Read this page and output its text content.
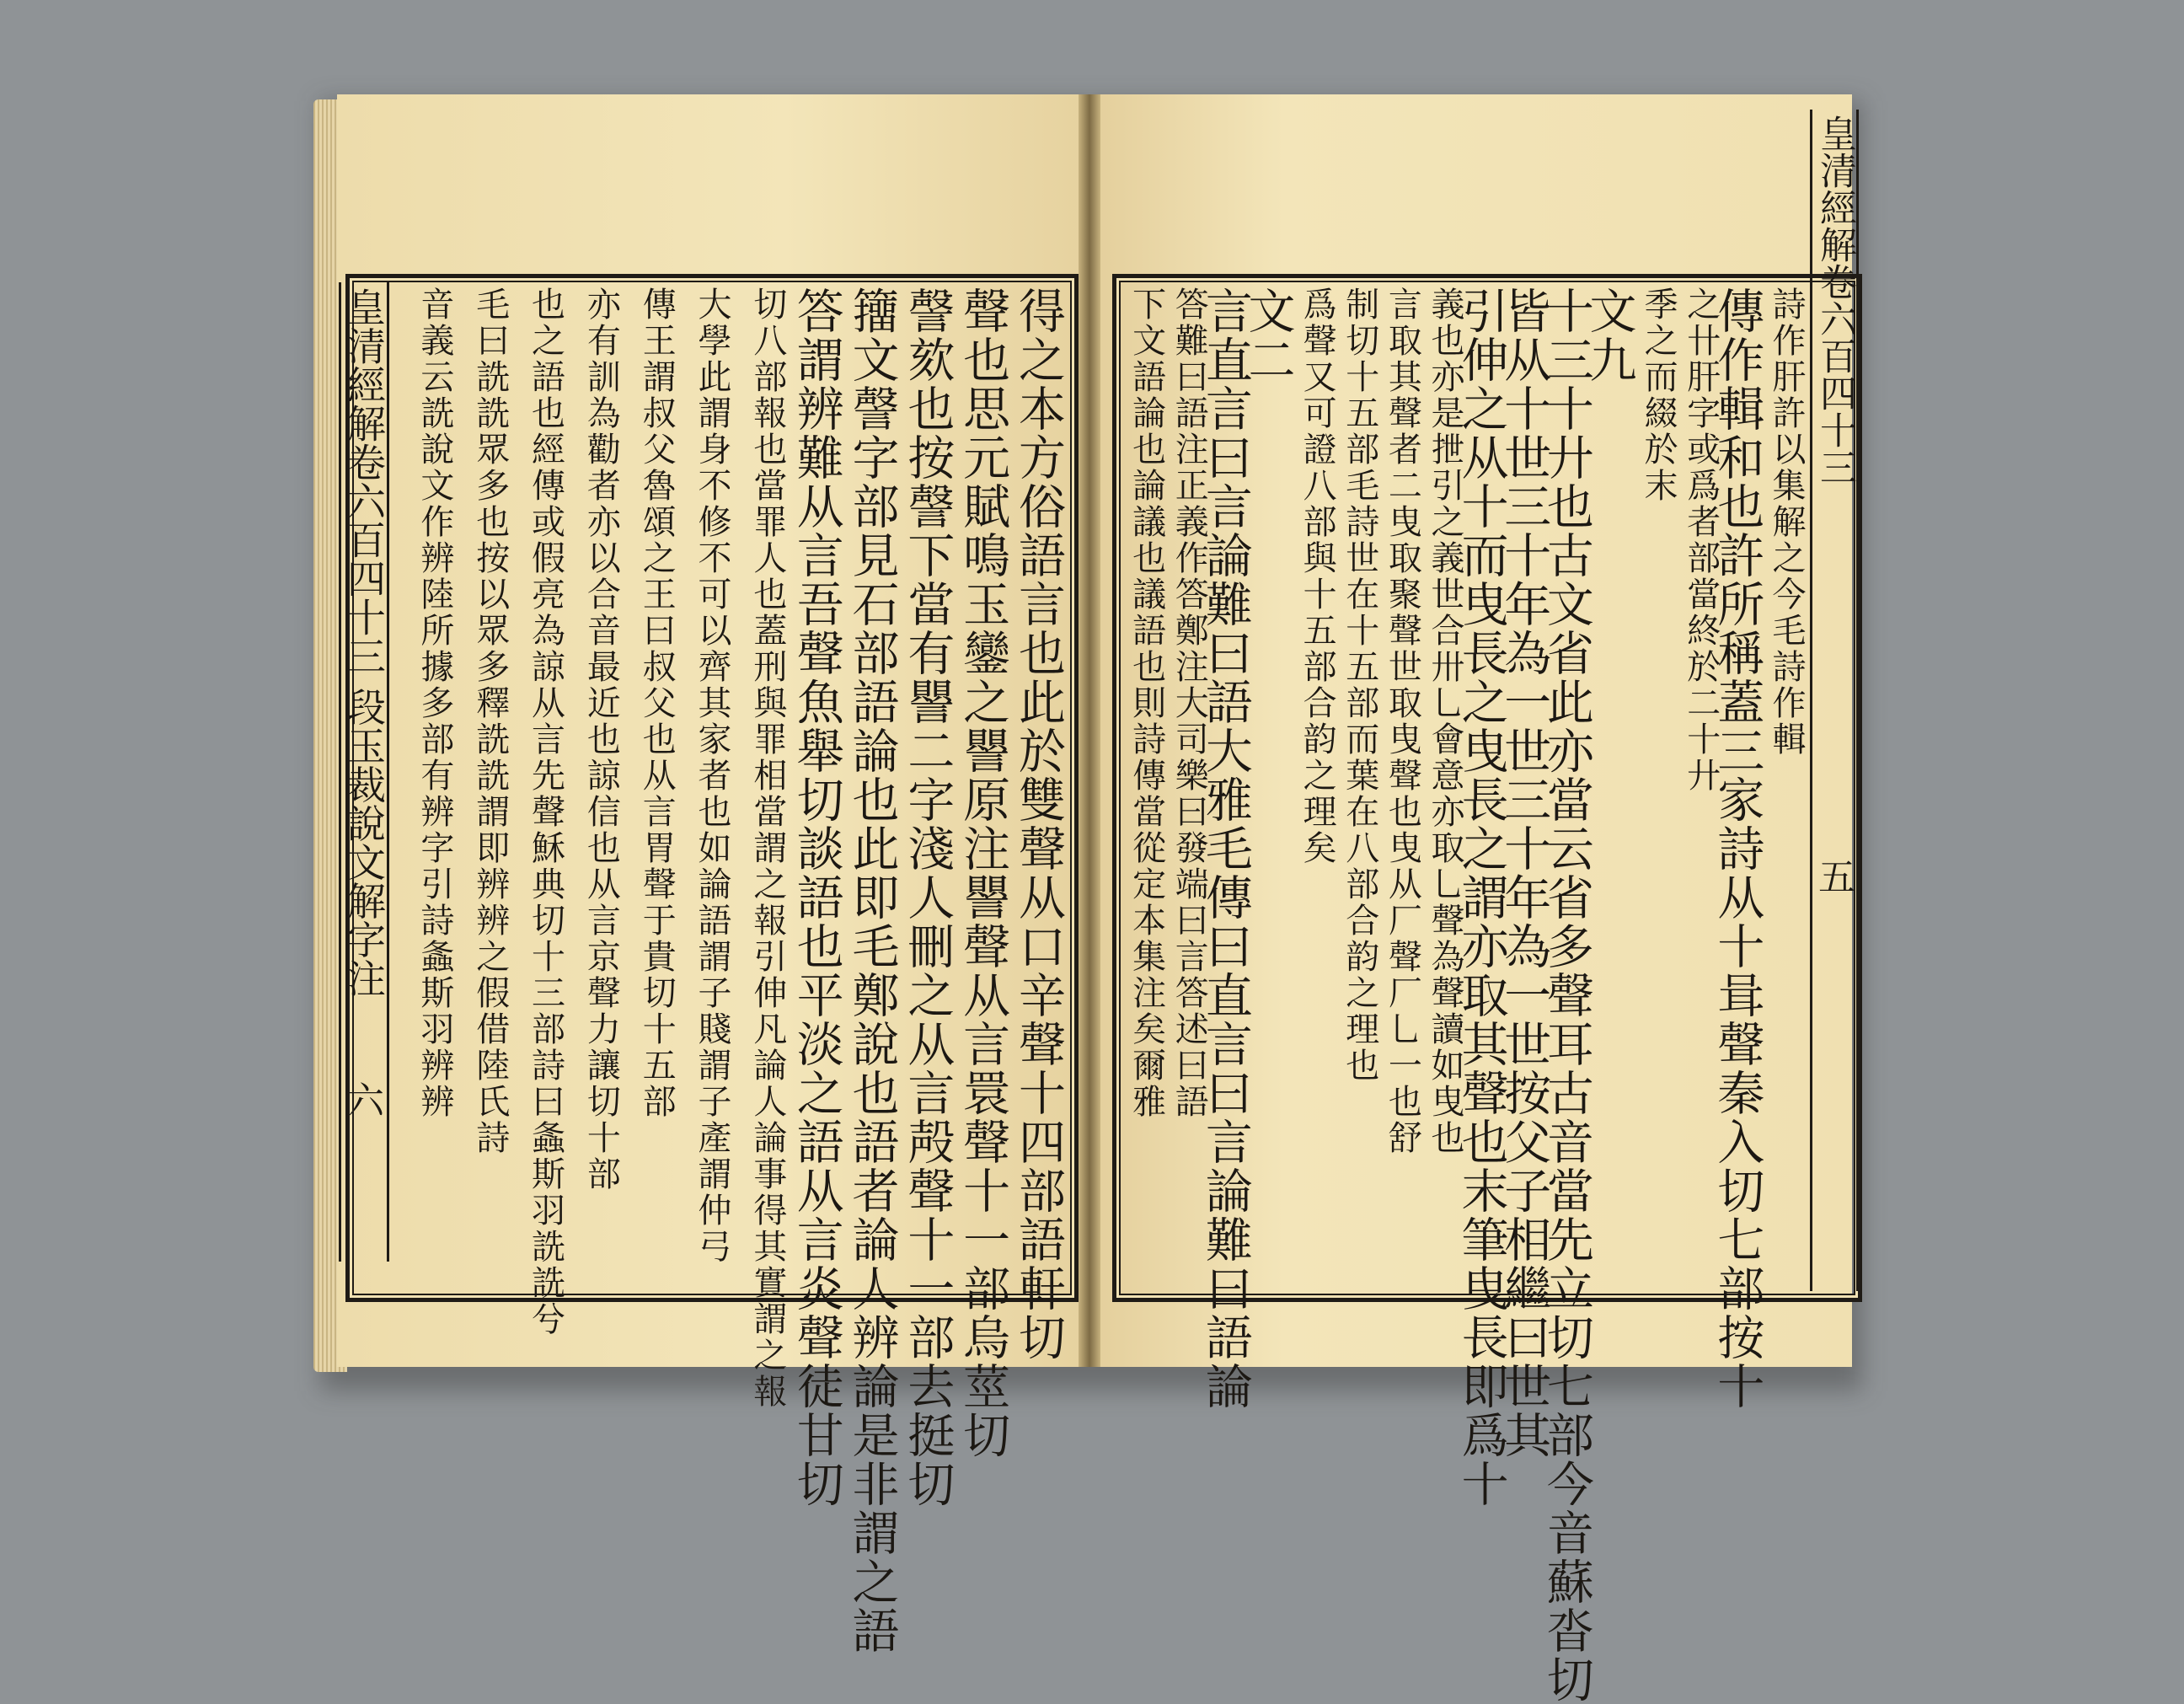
皇清經解卷六百四十三 段玉裁說文解字注
六	得之本方俗語言也此於雙聲从口辛聲十四部語軒切
聲也思元賦鳴玉鑾之譻原注譻聲从言睘聲十一部烏莖切
謦欬也按謦下當有譻二字淺人刪之从言殸聲十一部去挺切
籒文謦字部見石部語論也此即毛鄭說也語者論人辨論是非謂之語
答謂辨難从言吾聲魚舉切談語也平淡之語从言炎聲徒甘切
切八部報也當罪人也蓋刑與罪相當謂之報引伸凡論人論事得其實謂之報
大學此謂身不修不可以齊其家者也如論語謂子賤謂子產謂仲弓
傳王謂叔父魯頌之王曰叔父也从言胃聲于貴切十五部
亦有訓為勸者亦以合音最近也諒信也从言京聲力讓切十部
也之語也經傳或假亮為諒从言先聲穌典切十三部詩曰螽斯羽詵詵兮
毛曰詵詵眾多也按以眾多釋詵詵謂即辨辨之假借陸氏詩
音義云詵說文作辨陸所據多部有辨字引詩螽斯羽辨辨	皇清經解卷六百四十三
五
詩作肝許以集解之今毛詩作輯
傳作輯和也許所稱蓋三家詩从十咠聲秦入切七部按十
之卄肝字或爲者部當終於二十廾
季之而綴於末
文九
十三十廾也古文省此亦當云省多聲耳古音當先立切七部今音蘇沓切
皆从十世三十年為一世三十年為一世按父子相繼曰世其
引伸之从十而曳長之曳長之謂亦取其聲也末筆曳長即爲十
義也亦是抴引之義世合卅乚會意亦取乚聲為聲讀如曳也
言取其聲者二曳取聚聲世取曳聲也曳从厂聲厂乚一也舒
制切十五部毛詩世在十五部而葉在八部合韵之理也
爲聲又可證八部與十五部合韵之理矣
文二
言直言曰言論難曰語大雅毛傳曰直言曰言論難曰語論
答難曰語注正義作答鄭注大司樂曰發端曰言答述曰語
下文語論也論議也議語也則詩傳當從定本集注矣爾雅
